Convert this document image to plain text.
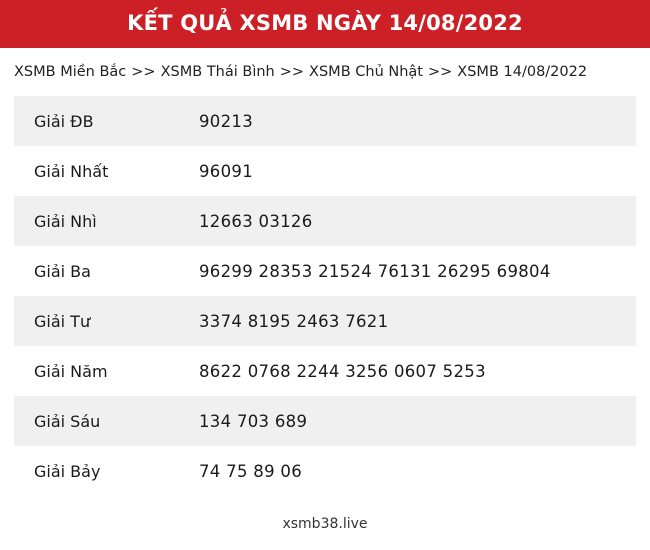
KẾT QUẢ XSMB NGÀY 14/08/2022
XSMB Miền Bắc >> XSMB Thái Bình >> XSMB Chủ Nhật >> XSMB 14/08/2022
Giải ĐB	90213
Giải Nhất	96091
Giải Nhì	12663 03126
Giải Ba	96299 28353 21524 76131 26295 69804
Giải Tư	3374 8195 2463 7621
Giải Năm	8622 0768 2244 3256 0607 5253
Giải Sáu	134 703 689
Giải Bảy	74 75 89 06
xsmb38.live
